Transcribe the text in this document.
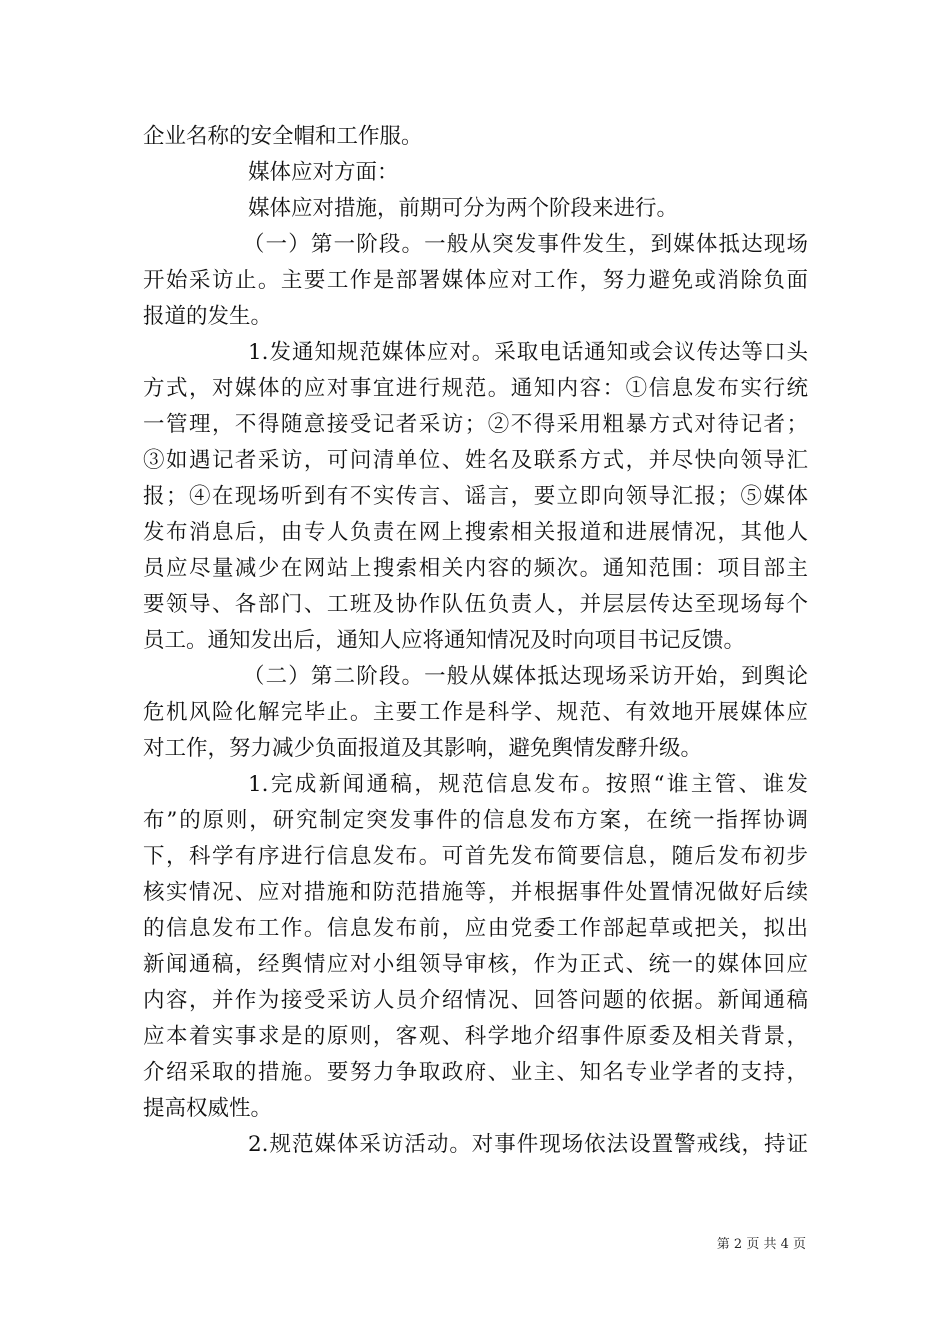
企业名称的安全帽和工作服。
媒体应对方面：
媒体应对措施，前期可分为两个阶段来进行。
（一）第一阶段。一般从突发事件发生，到媒体抵达现场
开始采访止。主要工作是部署媒体应对工作，努力避免或消除负面
报道的发生。
1.发通知规范媒体应对。采取电话通知或会议传达等口头
方式，对媒体的应对事宜进行规范。通知内容：①信息发布实行统
一管理，不得随意接受记者采访；②不得采用粗暴方式对待记者；
③如遇记者采访，可问清单位、姓名及联系方式，并尽快向领导汇
报；④在现场听到有不实传言、谣言，要立即向领导汇报；⑤媒体
发布消息后，由专人负责在网上搜索相关报道和进展情况，其他人
员应尽量减少在网站上搜索相关内容的频次。通知范围：项目部主
要领导、各部门、工班及协作队伍负责人，并层层传达至现场每个
员工。通知发出后，通知人应将通知情况及时向项目书记反馈。
（二）第二阶段。一般从媒体抵达现场采访开始，到舆论
危机风险化解完毕止。主要工作是科学、规范、有效地开展媒体应
对工作，努力减少负面报道及其影响，避免舆情发酵升级。
1.完成新闻通稿，规范信息发布。按照“谁主管、谁发
布”的原则，研究制定突发事件的信息发布方案，在统一指挥协调
下，科学有序进行信息发布。可首先发布简要信息，随后发布初步
核实情况、应对措施和防范措施等，并根据事件处置情况做好后续
的信息发布工作。信息发布前，应由党委工作部起草或把关，拟出
新闻通稿，经舆情应对小组领导审核，作为正式、统一的媒体回应
内容，并作为接受采访人员介绍情况、回答问题的依据。新闻通稿
应本着实事求是的原则，客观、科学地介绍事件原委及相关背景，
介绍采取的措施。要努力争取政府、业主、知名专业学者的支持，
提高权威性。
2.规范媒体采访活动。对事件现场依法设置警戒线，持证
第 2 页 共 4 页
